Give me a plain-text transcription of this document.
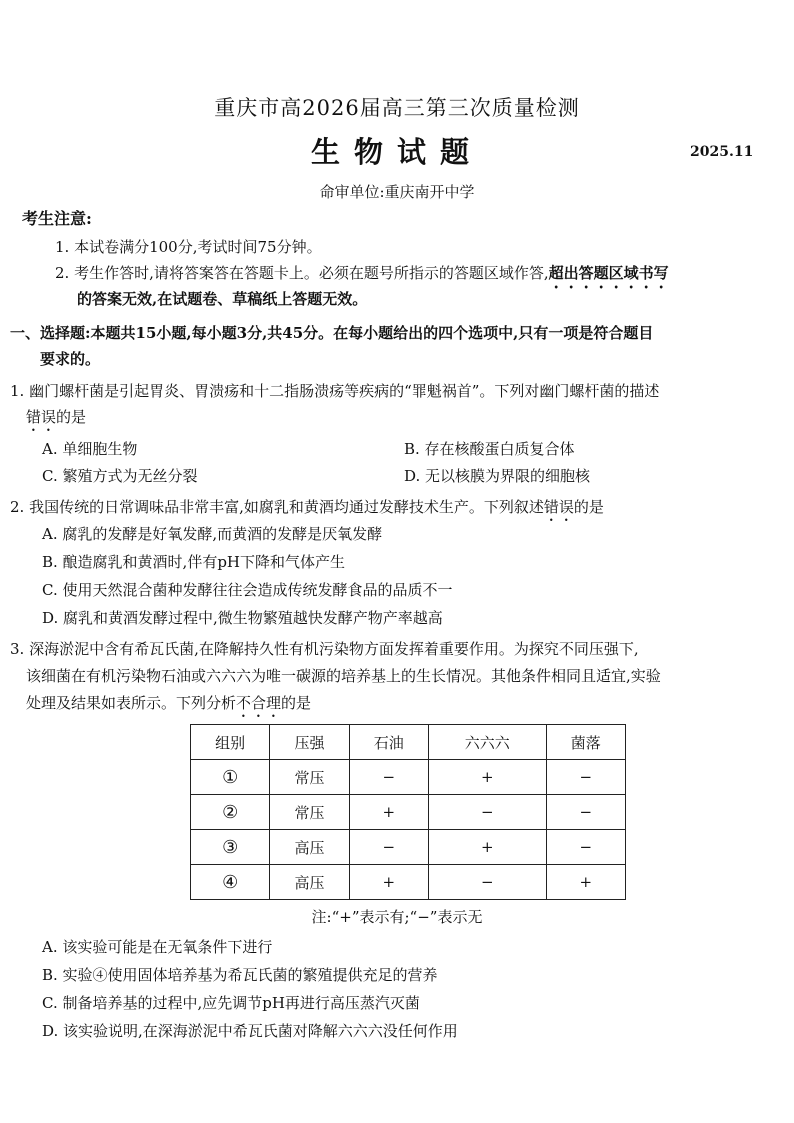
重庆市高2026届高三第三次质量检测
生物试题	2025.11
命审单位:重庆南开中学
考生注意:
1. 本试卷满分100分,考试时间75分钟。
2. 考生作答时,请将答案答在答题卡上。必须在题号所指示的答题区域作答,超出答题区域书写
的答案无效,在试题卷、草稿纸上答题无效。
一、选择题:本题共15小题,每小题3分,共45分。在每小题给出的四个选项中,只有一项是符合题目
要求的。
1. 幽门螺杆菌是引起胃炎、胃溃疡和十二指肠溃疡等疾病的“罪魁祸首”。下列对幽门螺杆菌的描述
错误的是
A. 单细胞生物	B. 存在核酸蛋白质复合体
C. 繁殖方式为无丝分裂	D. 无以核膜为界限的细胞核
2. 我国传统的日常调味品非常丰富,如腐乳和黄酒均通过发酵技术生产。下列叙述错误的是
A. 腐乳的发酵是好氧发酵,而黄酒的发酵是厌氧发酵
B. 酿造腐乳和黄酒时,伴有pH下降和气体产生
C. 使用天然混合菌种发酵往往会造成传统发酵食品的品质不一
D. 腐乳和黄酒发酵过程中,微生物繁殖越快发酵产物产率越高
3. 深海淤泥中含有希瓦氏菌,在降解持久性有机污染物方面发挥着重要作用。为探究不同压强下,
该细菌在有机污染物石油或六六六为唯一碳源的培养基上的生长情况。其他条件相同且适宜,实验
处理及结果如表所示。下列分析不合理的是
组别	压强	石油	六六六	菌落
①	常压	−	+	−
②	常压	+	−	−
③	高压	−	+	−
④	高压	+	−	+
注:“+”表示有;“−”表示无
A. 该实验可能是在无氧条件下进行
B. 实验④使用固体培养基为希瓦氏菌的繁殖提供充足的营养
C. 制备培养基的过程中,应先调节pH再进行高压蒸汽灭菌
D. 该实验说明,在深海淤泥中希瓦氏菌对降解六六六没任何作用
